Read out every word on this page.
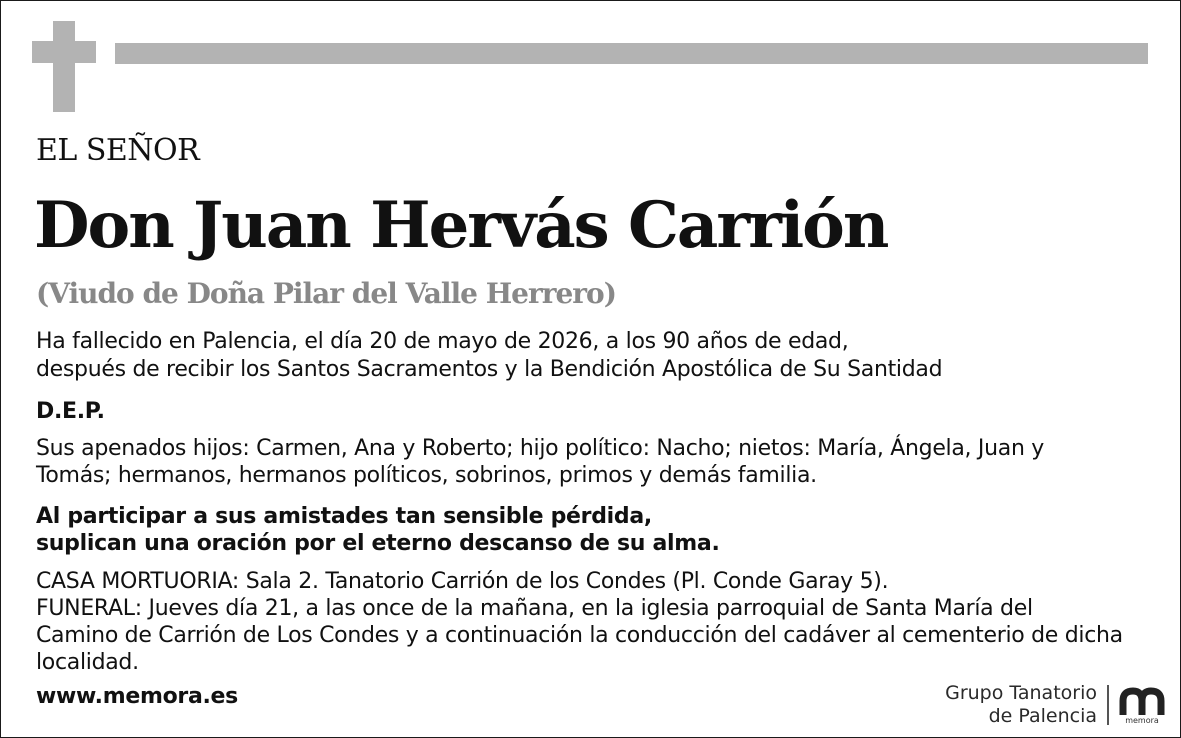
EL SEÑOR
Don Juan Hervás Carrión
(Viudo de Doña Pilar del Valle Herrero)
Ha fallecido en Palencia, el día 20 de mayo de 2026, a los 90 años de edad,
después de recibir los Santos Sacramentos y la Bendición Apostólica de Su Santidad
D.E.P.
Sus apenados hijos: Carmen, Ana y Roberto; hijo político: Nacho; nietos: María, Ángela, Juan y
Tomás; hermanos, hermanos políticos, sobrinos, primos y demás familia.
Al participar a sus amistades tan sensible pérdida,
suplican una oración por el eterno descanso de su alma.
CASA MORTUORIA: Sala 2. Tanatorio Carrión de los Condes (Pl. Conde Garay 5).
FUNERAL: Jueves día 21, a las once de la mañana, en la iglesia parroquial de Santa María del
Camino de Carrión de Los Condes y a continuación la conducción del cadáver al cementerio de dicha
localidad.
www.memora.es	Grupo Tanatorio
de Palencia	memora
